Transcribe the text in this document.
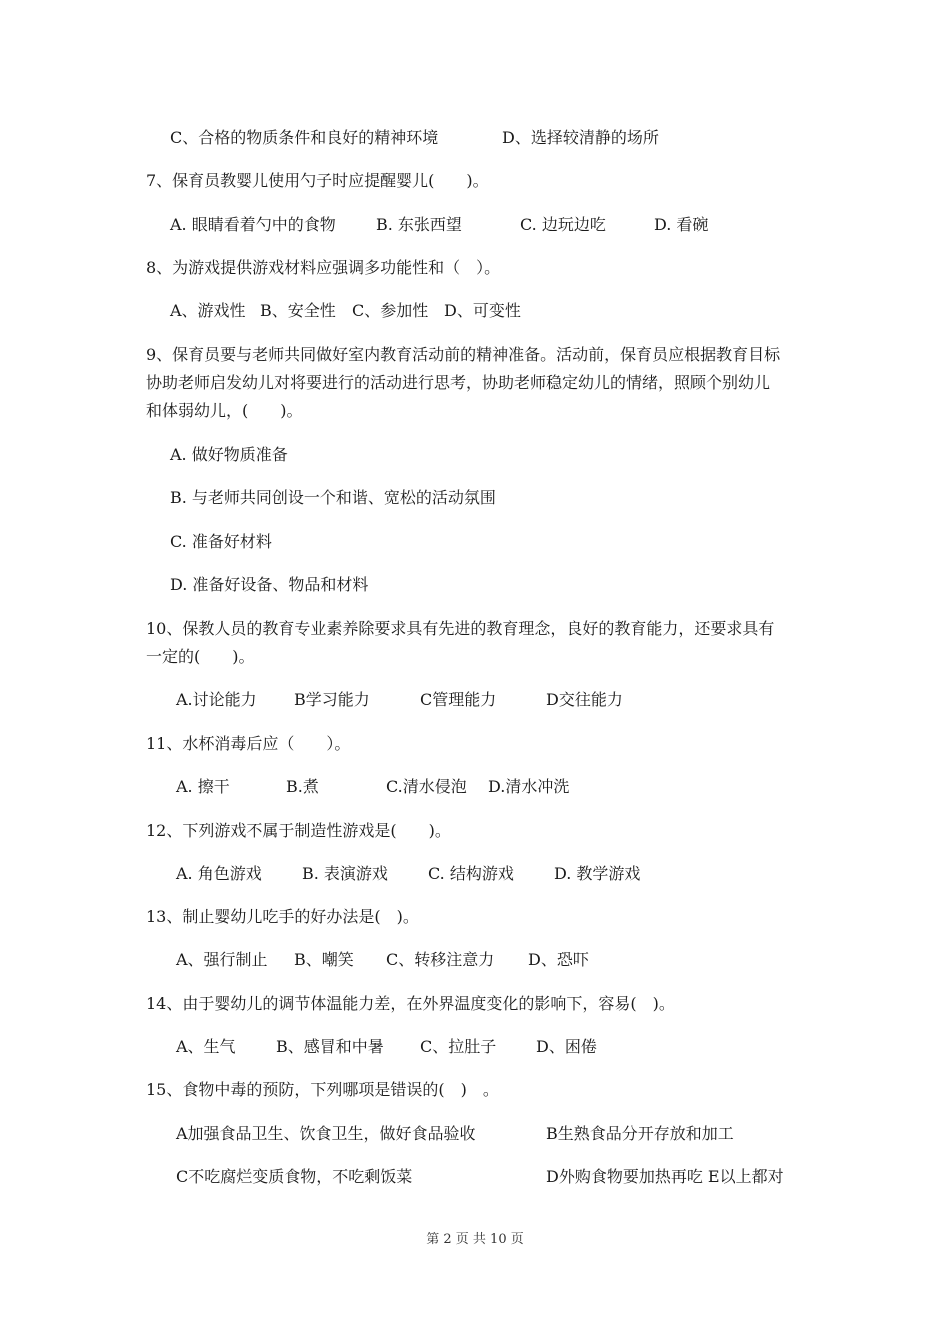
C、合格的物质条件和良好的精神环境	D、选择较清静的场所
7、保育员教婴儿使用勺子时应提醒婴儿(　　)。
A. 眼睛看着勺中的食物	B. 东张西望	C. 边玩边吃	D. 看碗
8、为游戏提供游戏材料应强调多功能性和（　）。
A、游戏性 B、安全性 C、参加性 D、可变性
9、保育员要与老师共同做好室内教育活动前的精神准备。活动前，保育员应根据教育目标
协助老师启发幼儿对将要进行的活动进行思考，协助老师稳定幼儿的情绪，照顾个别幼儿
和体弱幼儿，(　　)。
A. 做好物质准备
B. 与老师共同创设一个和谐、宽松的活动氛围
C. 准备好材料
D. 准备好设备、物品和材料
10、保教人员的教育专业素养除要求具有先进的教育理念，良好的教育能力，还要求具有
一定的(　　)。
A.讨论能力 B学习能力	C管理能力	D交往能力
11、水杯消毒后应（　　）。
A. 擦干	B.煮	C.清水侵泡 D.清水冲洗
12、下列游戏不属于制造性游戏是(　　)。
A. 角色游戏	B. 表演游戏	C. 结构游戏	D. 教学游戏
13、制止婴幼儿吃手的好办法是(　)。
A、强行制止 B、嘲笑 C、转移注意力 D、恐吓
14、由于婴幼儿的调节体温能力差，在外界温度变化的影响下，容易(　)。
A、生气	B、感冒和中暑 C、拉肚子 D、困倦
15、食物中毒的预防，下列哪项是错误的(　)　。
A加强食品卫生、饮食卫生，做好食品验收	B生熟食品分开存放和加工
C不吃腐烂变质食物，不吃剩饭菜	D外购食物要加热再吃 E以上都对
第 2 页 共 10 页
